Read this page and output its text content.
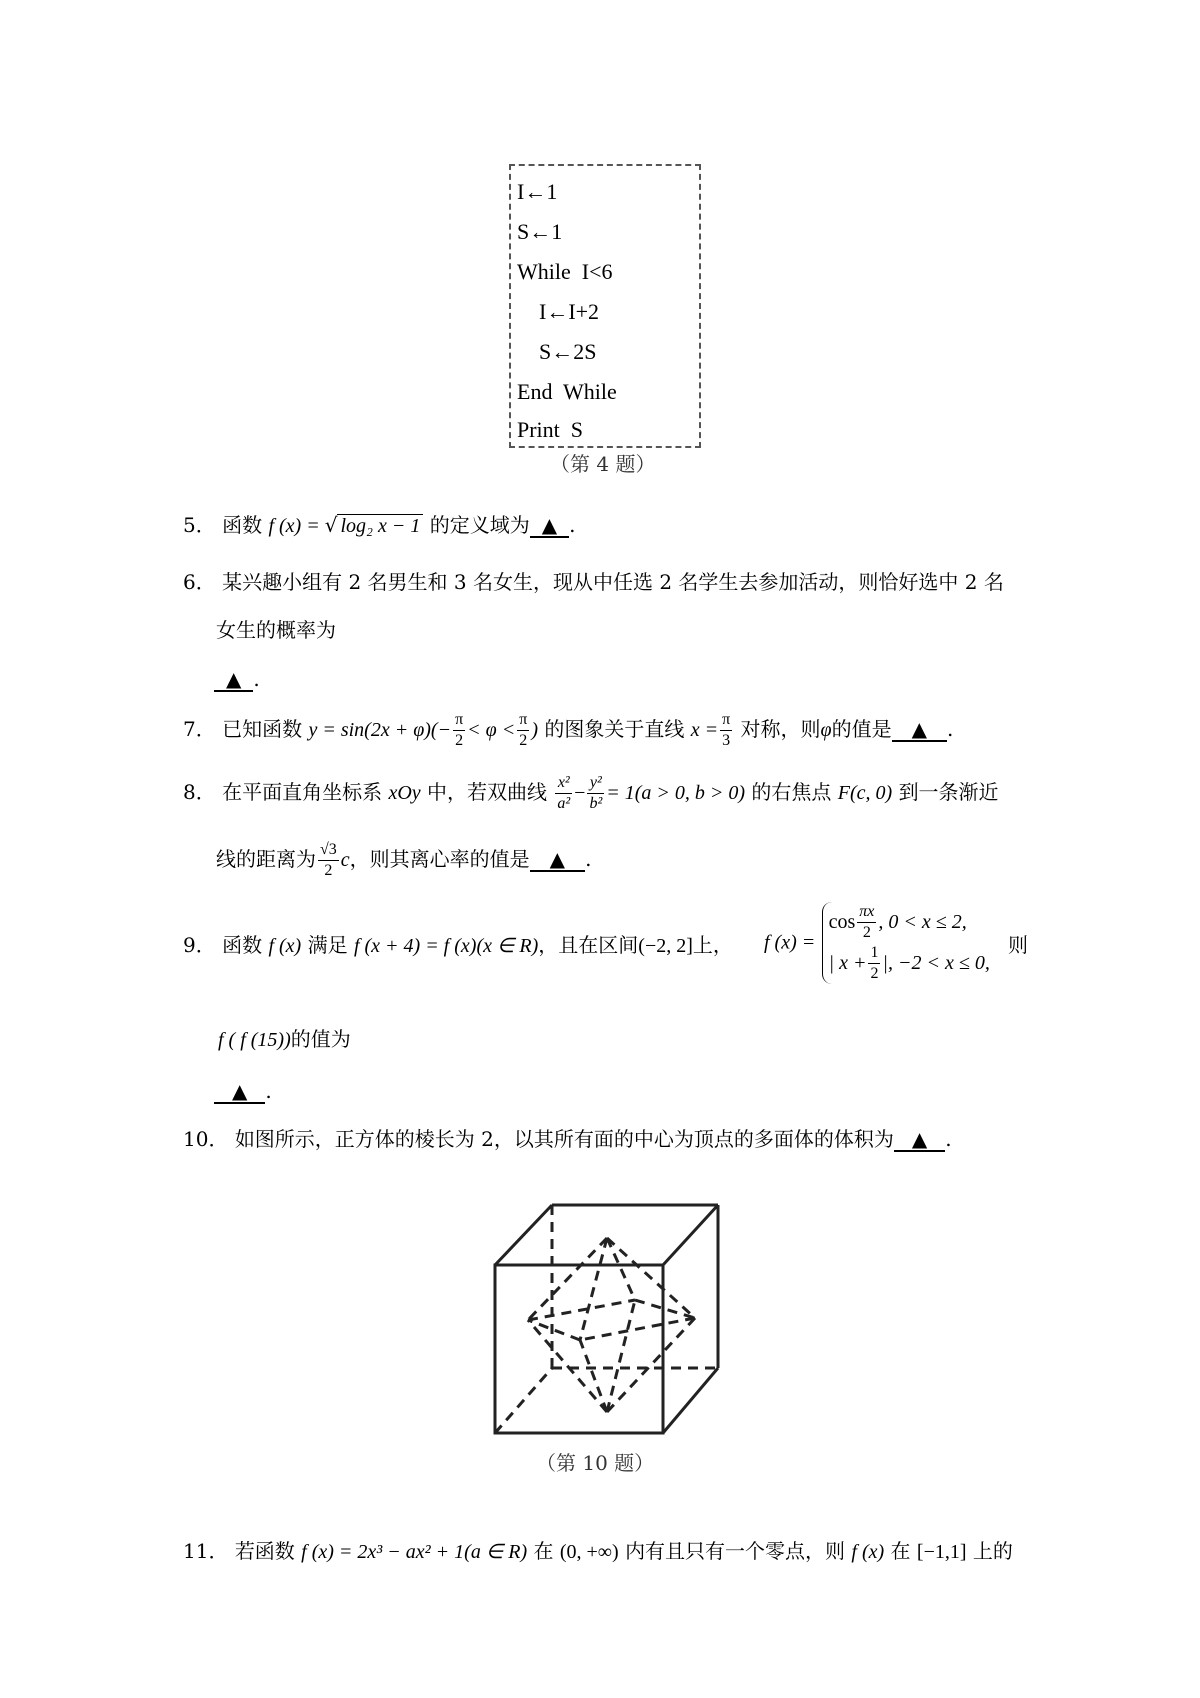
I←1
S←1
While  I<6
I←I+2
S←2S
End  While
Print  S
（第 4 题）
5． 函数 f (x) = √ log₂ x − 1 的定义域为 ▲ .
6． 某兴趣小组有 2 名男生和 3 名女生，现从中任选 2 名学生去参加活动，则恰好选中 2 名
女生的概率为
▲ .
7． 已知函数 $y = \sin(2x + \varphi)(- \frac{\pi}{2} < \varphi < \frac{\pi}{2}$ ) 的图象关于直线 $x = \frac{\pi}{3}$ 对称，则φ的值是 ▲ .
8． 在平面直角坐标系 xOy 中，若双曲线 $\frac{\text{x²}}{\text{a²}} - \frac{\text{y²}}{\text{b²}} = 1(a > 0$, b > 0) 的右焦点 F(c, 0) 到一条渐近
线的距离为 $\frac{√3}{2}$ c，则其离心率的值是 ▲ .
9． 函数 f (x) 满足 f (x + 4) = f (x)(x ∈ R)，且在区间(−2, 2]上， f (x) =
$\cos \frac{\pi x}{2}$ , 0 < x ≤ 2,
| $x + \frac{1}{2}$ |, −2 < x ≤ 0,
则
f ( f (15))的值为
▲ .
10． 如图所示，正方体的棱长为 2，以其所有面的中心为顶点的多面体的体积为 ▲ .
（第 10 题）
11． 若函数 f (x) = 2x³ − ax² + 1(a ∈ R) 在 (0, +∞) 内有且只有一个零点，则 f (x) 在 [−1,1] 上的
